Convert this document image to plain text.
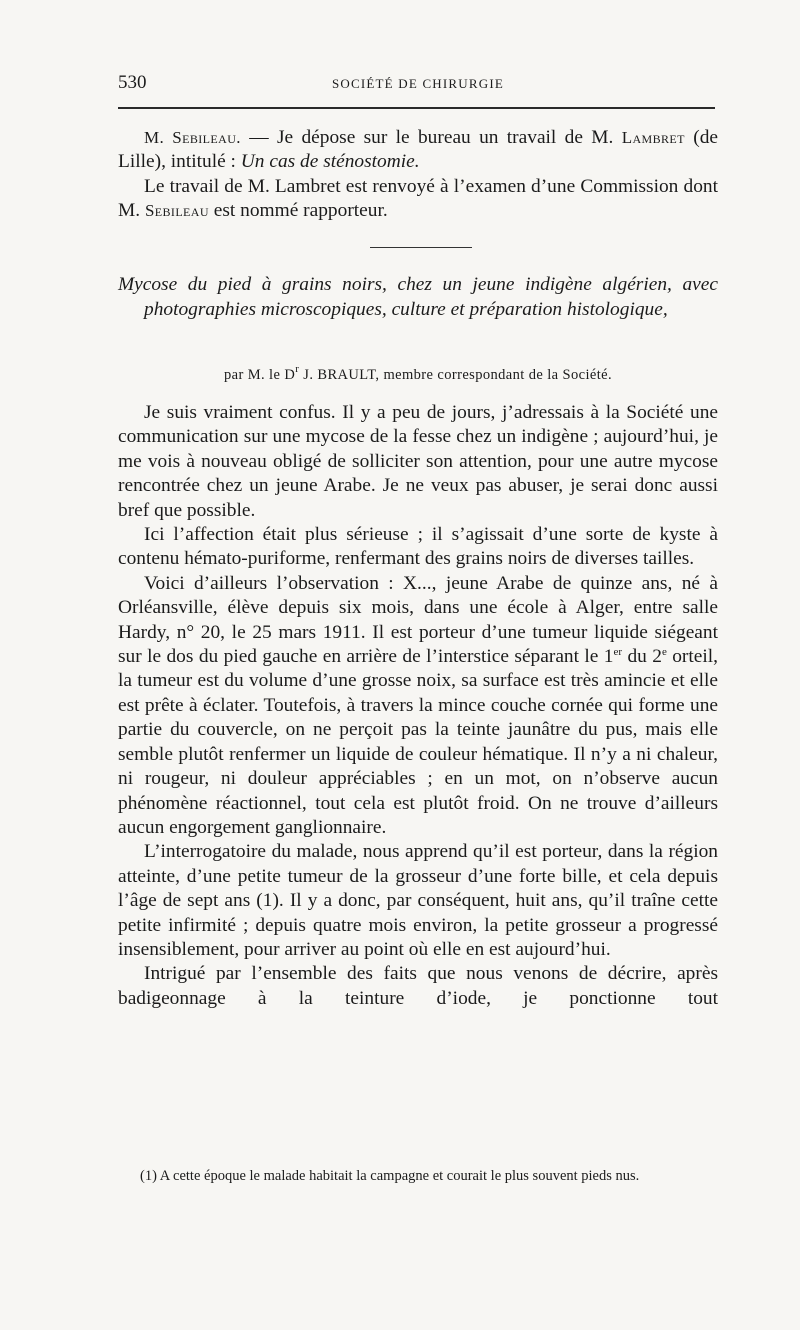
530	SOCIÉTÉ DE CHIRURGIE

M. Sebileau. — Je dépose sur le bureau un travail de M. Lambret (de Lille), intitulé : Un cas de sténostomie.

Le travail de M. Lambret est renvoyé à l’examen d’une Commission dont M. Sebileau est nommé rapporteur.

Mycose du pied à grains noirs, chez un jeune indigène algérien, avec photographies microscopiques, culture et préparation histologique,
par M. le $D^r$ J. BRAULT, membre correspondant de la Société.

Je suis vraiment confus. Il y a peu de jours, j’adressais à la Société une communication sur une mycose de la fesse chez un indigène ; aujourd’hui, je me vois à nouveau obligé de solliciter son attention, pour une autre mycose rencontrée chez un jeune Arabe. Je ne veux pas abuser, je serai donc aussi bref que possible.

Ici l’affection était plus sérieuse ; il s’agissait d’une sorte de kyste à contenu hémato-puriforme, renfermant des grains noirs de diverses tailles.

Voici d’ailleurs l’observation : X..., jeune Arabe de quinze ans, né à Orléansville, élève depuis six mois, dans une école à Alger, entre salle Hardy, n° 20, le 25 mars 1911. Il est porteur d’une tumeur liquide siégeant sur le dos du pied gauche en arrière de l’interstice séparant le 1er du 2e orteil, la tumeur est du volume d’une grosse noix, sa surface est très amincie et elle est prête à éclater. Toutefois, à travers la mince couche cornée qui forme une partie du couvercle, on ne perçoit pas la teinte jaunâtre du pus, mais elle semble plutôt renfermer un liquide de couleur hématique. Il n’y a ni chaleur, ni rougeur, ni douleur appréciables ; en un mot, on n’observe aucun phénomène réactionnel, tout cela est plutôt froid. On ne trouve d’ailleurs aucun engorgement ganglionnaire.

L’interrogatoire du malade, nous apprend qu’il est porteur, dans la région atteinte, d’une petite tumeur de la grosseur d’une forte bille, et cela depuis l’âge de sept ans (1). Il y a donc, par conséquent, huit ans, qu’il traîne cette petite infirmité ; depuis quatre mois environ, la petite grosseur a progressé insensiblement, pour arriver au point où elle en est aujourd’hui.

Intrigué par l’ensemble des faits que nous venons de décrire, après badigeonnage à la teinture d’iode, je ponctionne tout

(1) A cette époque le malade habitait la campagne et courait le plus souvent pieds nus.
